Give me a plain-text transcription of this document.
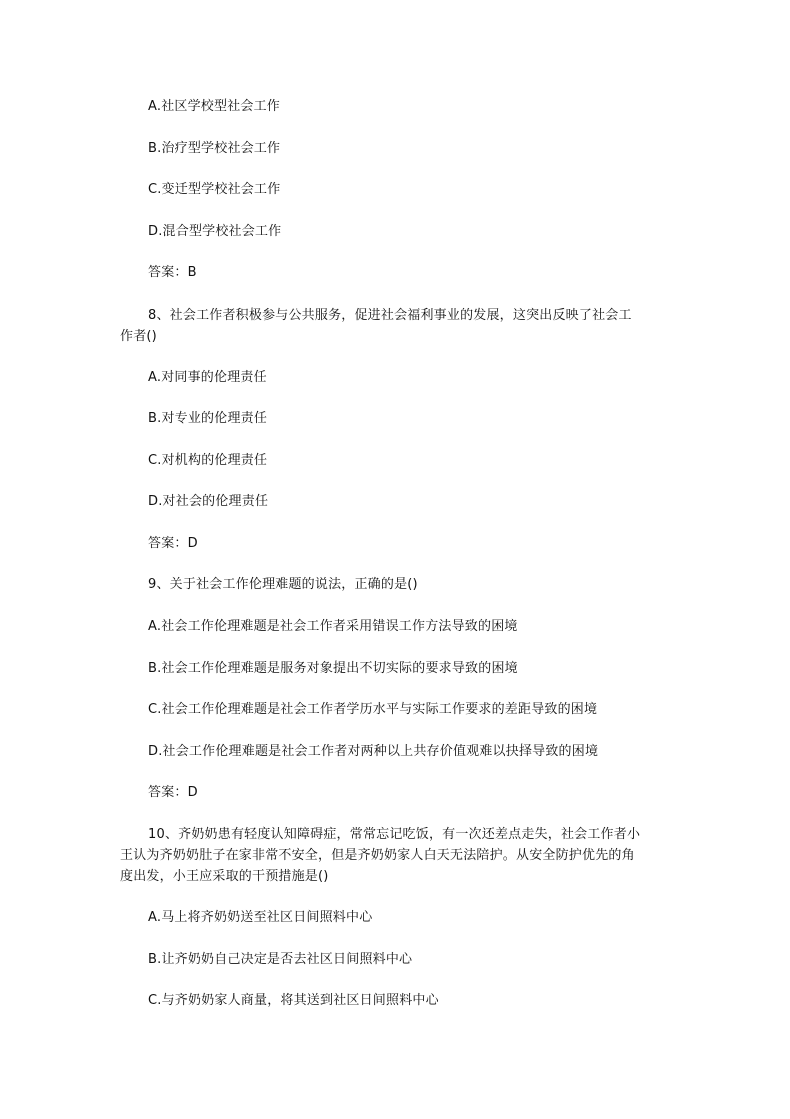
A.社区学校型社会工作
B.治疗型学校社会工作
C.变迁型学校社会工作
D.混合型学校社会工作
答案：B
8、社会工作者积极参与公共服务，促进社会福利事业的发展，这突出反映了社会工
作者()
A.对同事的伦理责任
B.对专业的伦理责任
C.对机构的伦理责任
D.对社会的伦理责任
答案：D
9、关于社会工作伦理难题的说法，正确的是()
A.社会工作伦理难题是社会工作者采用错误工作方法导致的困境
B.社会工作伦理难题是服务对象提出不切实际的要求导致的困境
C.社会工作伦理难题是社会工作者学历水平与实际工作要求的差距导致的困境
D.社会工作伦理难题是社会工作者对两种以上共存价值观难以抉择导致的困境
答案：D
10、齐奶奶患有轻度认知障碍症，常常忘记吃饭，有一次还差点走失，社会工作者小
王认为齐奶奶肚子在家非常不安全，但是齐奶奶家人白天无法陪护。从安全防护优先的角
度出发，小王应采取的干预措施是()
A.马上将齐奶奶送至社区日间照料中心
B.让齐奶奶自己决定是否去社区日间照料中心
C.与齐奶奶家人商量，将其送到社区日间照料中心
